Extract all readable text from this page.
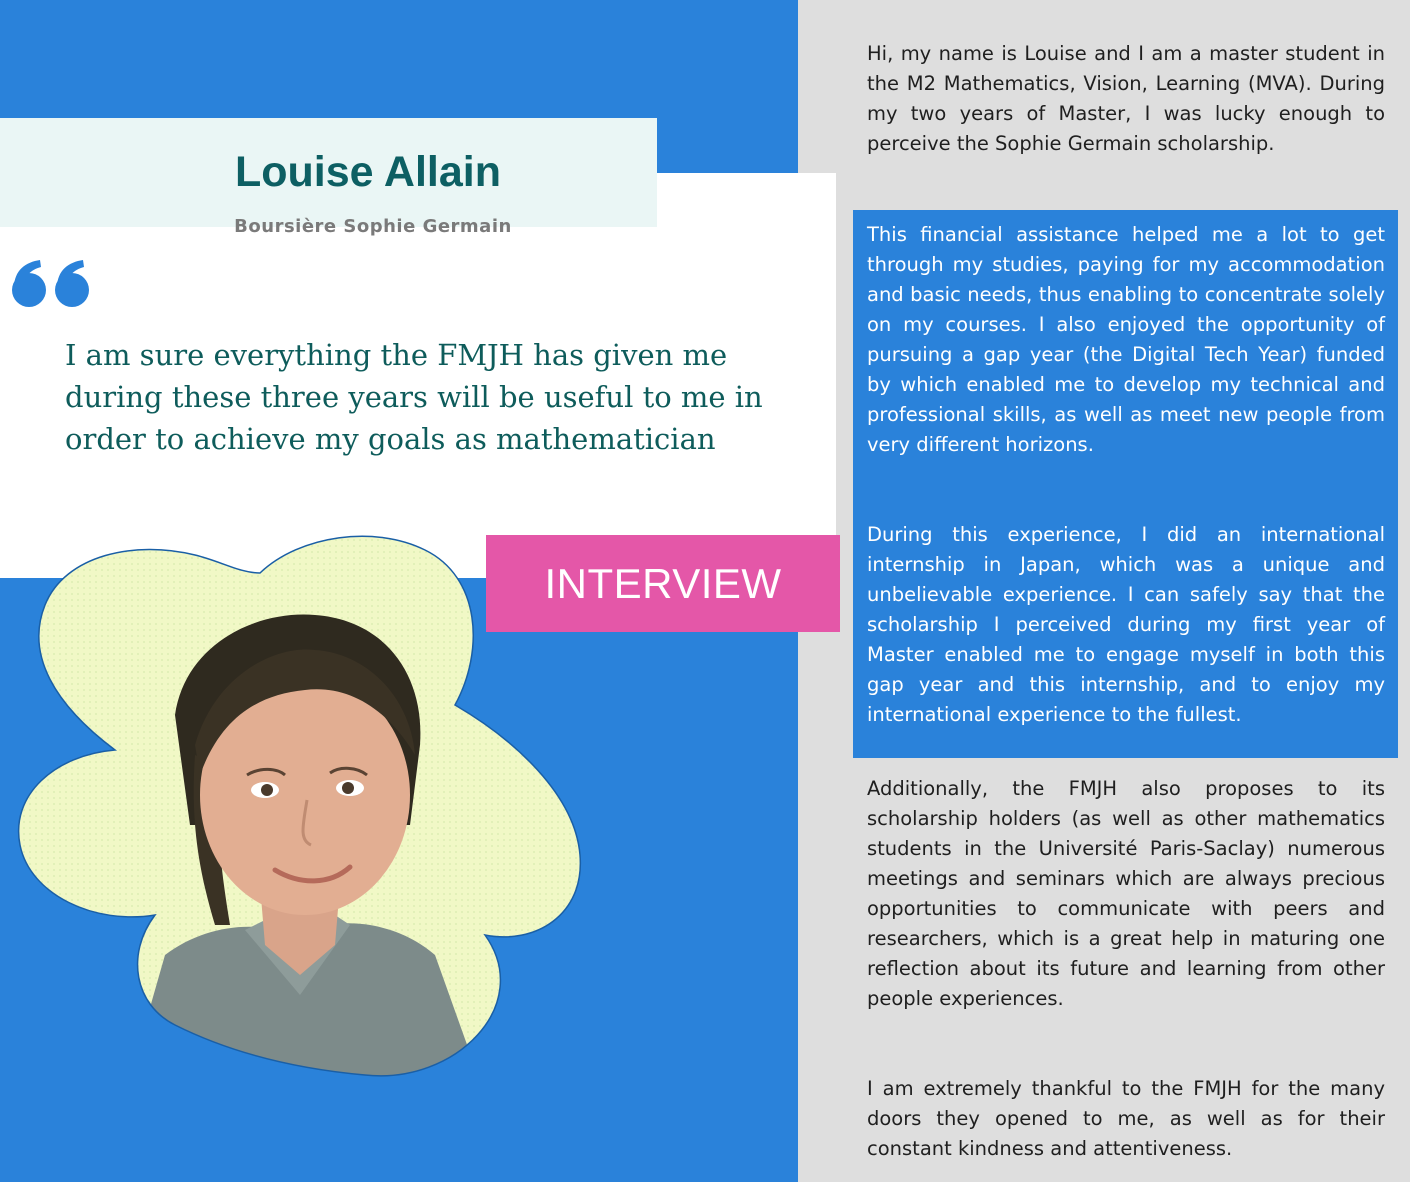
Louise Allain
Boursière Sophie Germain

I am sure everything the FMJH has given me during these three years will be useful to me in order to achieve my goals as mathematician

INTERVIEW

Hi, my name is Louise and I am a master student in the M2 Mathematics, Vision, Learning (MVA). During my two years of Master, I was lucky enough to perceive the Sophie Germain scholarship.

This financial assistance helped me a lot to get through my studies, paying for my accommodation and basic needs, thus enabling to concentrate solely on my courses. I also enjoyed the opportunity of pursuing a gap year (the Digital Tech Year) funded by which enabled me to develop my technical and professional skills, as well as meet new people from very different horizons.

During this experience, I did an international internship in Japan, which was a unique and unbelievable experience. I can safely say that the scholarship I perceived during my first year of Master enabled me to engage myself in both this gap year and this internship, and to enjoy my international experience to the fullest.

Additionally, the FMJH also proposes to its scholarship holders (as well as other mathematics students in the Université Paris-Saclay) numerous meetings and seminars which are always precious opportunities to communicate with peers and researchers, which is a great help in maturing one reflection about its future and learning from other people experiences.

I am extremely thankful to the FMJH for the many doors they opened to me, as well as for their constant kindness and attentiveness.
